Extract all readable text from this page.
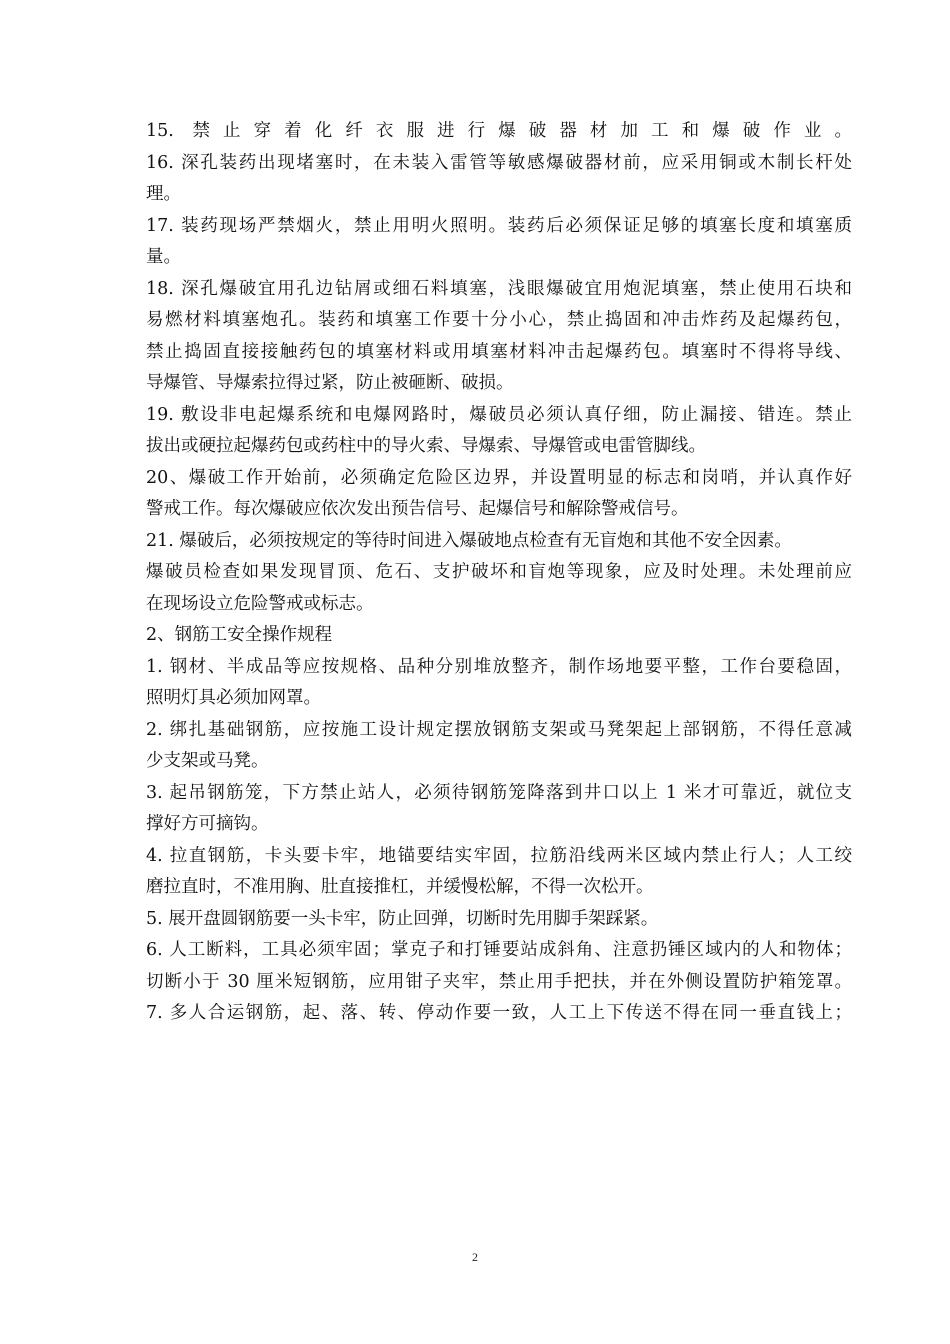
15. 禁止穿着化纤衣服进行爆破器材加工和爆破作业。
16. 深孔装药出现堵塞时，在未装入雷管等敏感爆破器材前，应采用铜或木制长杆处
理。
17. 装药现场严禁烟火，禁止用明火照明。装药后必须保证足够的填塞长度和填塞质
量。
18. 深孔爆破宜用孔边钻屑或细石料填塞，浅眼爆破宜用炮泥填塞，禁止使用石块和
易燃材料填塞炮孔。装药和填塞工作要十分小心，禁止捣固和冲击炸药及起爆药包，
禁止捣固直接接触药包的填塞材料或用填塞材料冲击起爆药包。填塞时不得将导线、
导爆管、导爆索拉得过紧，防止被砸断、破损。
19. 敷设非电起爆系统和电爆网路时，爆破员必须认真仔细，防止漏接、错连。禁止
拔出或硬拉起爆药包或药柱中的导火索、导爆索、导爆管或电雷管脚线。
20、爆破工作开始前，必须确定危险区边界，并设置明显的标志和岗哨，并认真作好
警戒工作。每次爆破应依次发出预告信号、起爆信号和解除警戒信号。
21. 爆破后，必须按规定的等待时间进入爆破地点检查有无盲炮和其他不安全因素。
爆破员检查如果发现冒顶、危石、支护破坏和盲炮等现象，应及时处理。未处理前应
在现场设立危险警戒或标志。
2、钢筋工安全操作规程
1. 钢材、半成品等应按规格、品种分别堆放整齐，制作场地要平整，工作台要稳固，
照明灯具必须加网罩。
2. 绑扎基础钢筋，应按施工设计规定摆放钢筋支架或马凳架起上部钢筋，不得任意减
少支架或马凳。
3. 起吊钢筋笼，下方禁止站人，必须待钢筋笼降落到井口以上 1 米才可靠近，就位支
撑好方可摘钩。
4. 拉直钢筋，卡头要卡牢，地锚要结实牢固，拉筋沿线两米区域内禁止行人；人工绞
磨拉直时，不准用胸、肚直接推杠，并缓慢松解，不得一次松开。
5. 展开盘圆钢筋要一头卡牢，防止回弹，切断时先用脚手架踩紧。
6. 人工断料，工具必须牢固；掌克子和打锤要站成斜角、注意扔锤区域内的人和物体；
切断小于 30 厘米短钢筋，应用钳子夹牢，禁止用手把扶，并在外侧设置防护箱笼罩。
7. 多人合运钢筋，起、落、转、停动作要一致，人工上下传送不得在同一垂直钱上；
2
